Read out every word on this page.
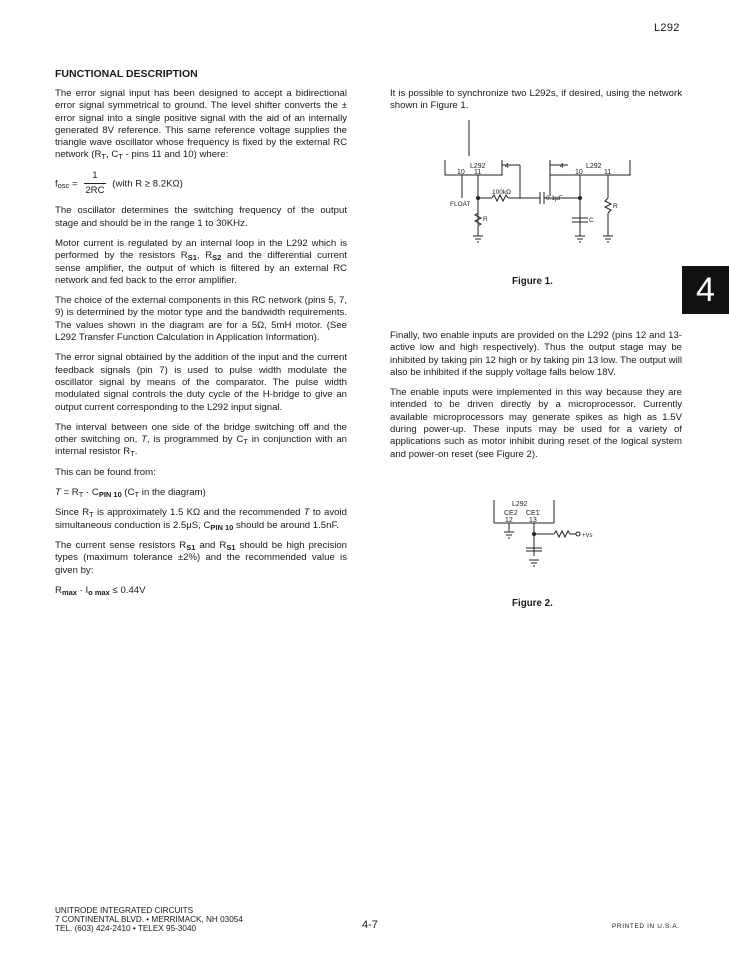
L292
4
FUNCTIONAL DESCRIPTION

The error signal input has been designed to accept a bidirectional error signal symmetrical to ground. The level shifter converts the ± error signal into a single positive signal with the aid of an internally generated 8V reference. This same reference voltage supplies the triangle wave oscillator whose frequency is fixed by the external RC network ($R_T$, $C_T$ - pins 11 and 10) where:

$f_{osc} = \frac{1}{2RC}$ (with R ≥ 8.2KΩ)

The oscillator determines the switching frequency of the output stage and should be in the range 1 to 30KHz.

Motor current is regulated by an internal loop in the L292 which is performed by the resistors $R_{S1}$, $R_{S2}$ and the differential current sense amplifier, the output of which is filtered by an external RC network and fed back to the error amplifier.

The choice of the external components in this RC network (pins 5, 7, 9) is determined by the motor type and the bandwidth requirements. The values shown in the diagram are for a 5Ω, 5mH motor. (See L292 Transfer Function Calculation in Application Information).

The error signal obtained by the addition of the input and the current feedback signals (pin 7) is used to pulse width modulate the oscillator signal by means of the comparator. The pulse width modulated signal controls the duty cycle of the H-bridge to give an output current corresponding to the L292 input signal.

The interval between one side of the bridge switching off and the other switching on, T, is programmed by $C_T$ in conjunction with an internal resistor $R_T$.

This can be found from:

$T = R_T \cdot C_{PIN 10}$ ($C_T$ in the diagram)

Since $R_T$ is approximately 1.5 KΩ and the recommended T to avoid simultaneous conduction is 2.5μS, $C_{PIN 10}$ should be around 1.5nF.

The current sense resistors $R_{S1}$ and $R_{S1}$ should be high precision types (maximum tolerance ±2%) and the recommended value is given by:

$R_{max} \cdot I_{o max} \le 0.44V$

It is possible to synchronize two L292s, if desired, using the network shown in Figure 1.

L292	4
10 11
4	L292
10	11
100kΩ
0.1μF
FLOAT
R
R
C
Figure 1.

Finally, two enable inputs are provided on the L292 (pins 12 and 13-active low and high respectively). Thus the output stage may be inhibited by taking pin 12 high or by taking pin 13 low. The output will also be inhibited if the supply voltage falls below 18V.

The enable inputs were implemented in this way because they are intended to be driven directly by a microprocessor. Currently available microprocessors may generate spikes as high as 1.5V during power-up. These inputs may be used for a variety of applications such as motor inhibit during reset of the logical system and power-on reset (see Figure 2).

L292
CE2 CE1
12 13
+Vs
Figure 2.
UNITRODE INTEGRATED CIRCUITS
7 CONTINENTAL BLVD. • MERRIMACK, NH 03054
TEL. (603) 424-2410 • TELEX 95-3040	4-7	PRINTED IN U.S.A.
